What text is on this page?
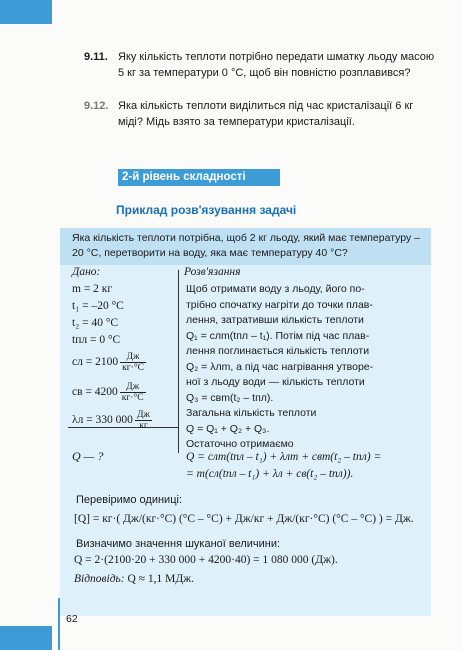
9.11. Яку кількість теплоти потрібно передати шматку льоду масою 5 кг за температури 0 °С, щоб він повністю розплавився?
9.12. Яка кількість теплоти виділиться під час кристалізації 6 кг міді? Мідь взято за температури кристалізації.
2-й рівень складності
Приклад розв'язування задачі
Яка кількість теплоти потрібна, щоб 2 кг льоду, який має температуру –20 °С, перетворити на воду, яка має температуру 40 °С?
Дано:	Розв'язання
m = 2 кг
t₁ = –20 °С
t₂ = 40 °С
tпл = 0 °С
cл = $2100 \frac{Дж}{кг\cdot^\circ С}$
cв = $4200 \frac{Дж}{кг\cdot^\circ С}$
λл = 330 $000 \frac{Дж}{кг}$
Q — ?
Щоб отримати воду з льоду, його по-
трібно спочатку нагріти до точки плав-
лення, затративши кількість теплоти
Q₁ = cлm(tпл – t₁). Потім під час плав-
лення поглинається кількість теплоти
Q₂ = λлm, а під час нагрівання утворе-
ної з льоду води — кількість теплоти
Q₃ = cвm(t₂ – tпл).
Загальна кількість теплоти
Q = Q₁ + Q₂ + Q₃.
Остаточно отримаємо
Q = cлm(tпл – t₁) + λлm + cвm(t₂ – tпл) =
= m(cл(tпл – t₁) + λл + cв(t₂ – tпл)).
Перевіримо одиниці:
[Q] = кг·( Дж/(кг·°С) (°С – °С) + Дж/кг + Дж/(кг·°С) (°С – °С) ) = Дж.
Визначимо значення шуканої величини:
Q = 2·(2100·20 + 330 000 + 4200·40) = 1 080 000 (Дж).
Відповідь: Q ≈ 1,1 МДж.
62
